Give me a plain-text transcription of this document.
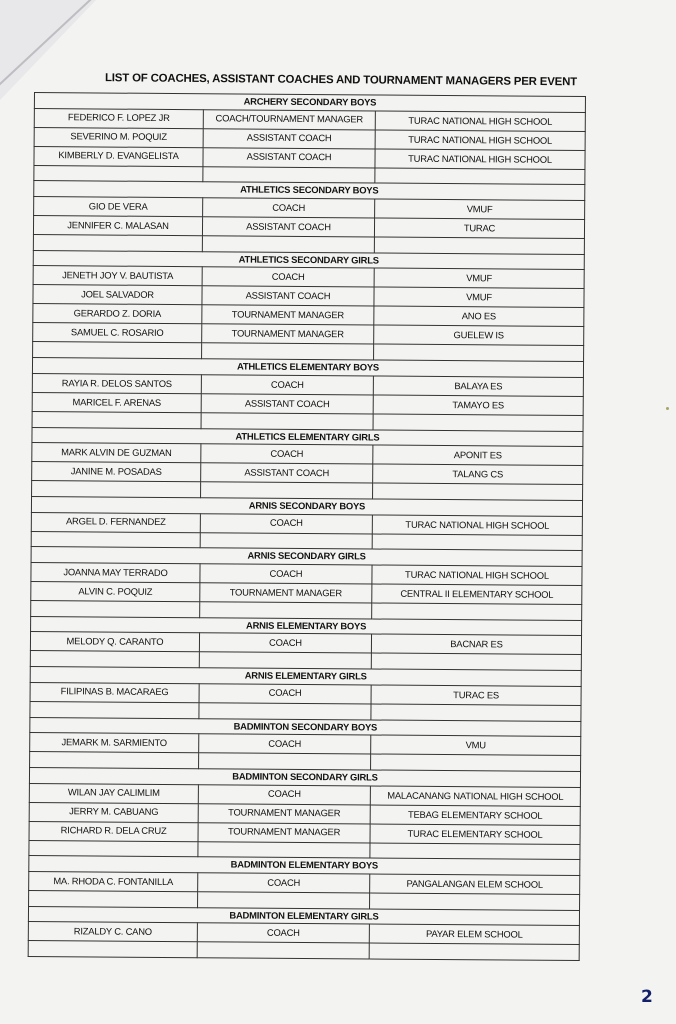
LIST OF COACHES, ASSISTANT COACHES AND TOURNAMENT MANAGERS PER EVENT
ARCHERY SECONDARY BOYS		
FEDERICO F. LOPEZ JR	COACH/TOURNAMENT MANAGER	TURAC NATIONAL HIGH SCHOOL
SEVERINO M. POQUIZ	ASSISTANT COACH	TURAC NATIONAL HIGH SCHOOL
KIMBERLY D. EVANGELISTA	ASSISTANT COACH	TURAC NATIONAL HIGH SCHOOL

ATHLETICS SECONDARY BOYS		
GIO DE VERA	COACH	VMUF
JENNIFER C. MALASAN	ASSISTANT COACH	TURAC

ATHLETICS SECONDARY GIRLS		
JENETH JOY V. BAUTISTA	COACH	VMUF
JOEL SALVADOR	ASSISTANT COACH	VMUF
GERARDO Z. DORIA	TOURNAMENT MANAGER	ANO ES
SAMUEL C. ROSARIO	TOURNAMENT MANAGER	GUELEW IS

ATHLETICS ELEMENTARY BOYS		
RAYIA R. DELOS SANTOS	COACH	BALAYA ES
MARICEL F. ARENAS	ASSISTANT COACH	TAMAYO ES

ATHLETICS ELEMENTARY GIRLS		
MARK ALVIN DE GUZMAN	COACH	APONIT ES
JANINE M. POSADAS	ASSISTANT COACH	TALANG CS

ARNIS SECONDARY BOYS		
ARGEL D. FERNANDEZ	COACH	TURAC NATIONAL HIGH SCHOOL

ARNIS SECONDARY GIRLS		
JOANNA MAY TERRADO	COACH	TURAC NATIONAL HIGH SCHOOL
ALVIN C. POQUIZ	TOURNAMENT MANAGER	CENTRAL II ELEMENTARY SCHOOL

ARNIS ELEMENTARY BOYS		
MELODY Q. CARANTO	COACH	BACNAR ES

ARNIS ELEMENTARY GIRLS		
FILIPINAS B. MACARAEG	COACH	TURAC ES

BADMINTON SECONDARY BOYS		
JEMARK M. SARMIENTO	COACH	VMU

BADMINTON SECONDARY GIRLS		
WILAN JAY CALIMLIM	COACH	MALACANANG NATIONAL HIGH SCHOOL
JERRY M. CABUANG	TOURNAMENT MANAGER	TEBAG ELEMENTARY SCHOOL
RICHARD R. DELA CRUZ	TOURNAMENT MANAGER	TURAC ELEMENTARY SCHOOL

BADMINTON ELEMENTARY BOYS		
MA. RHODA C. FONTANILLA	COACH	PANGALANGAN ELEM SCHOOL

BADMINTON ELEMENTARY GIRLS		
RIZALDY C. CANO	COACH	PAYAR ELEM SCHOOL

2
